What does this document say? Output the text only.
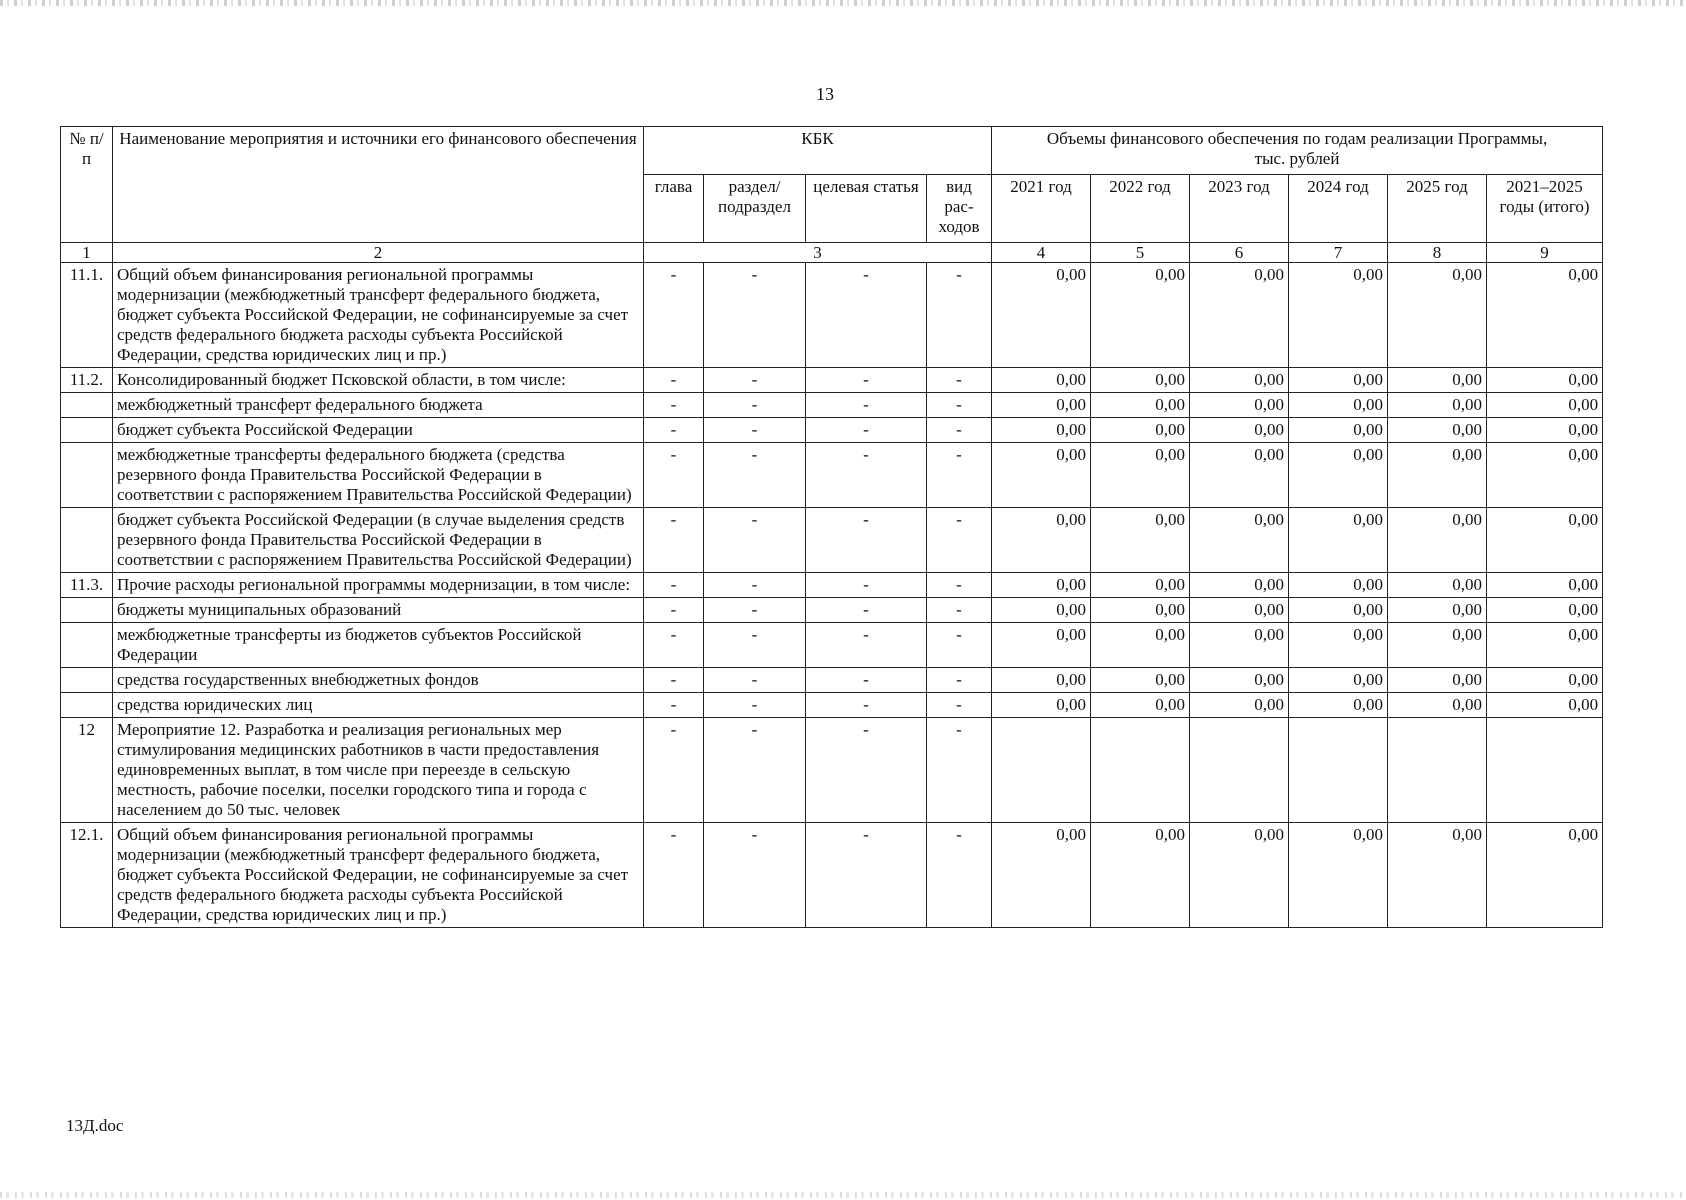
13
№ п/п	Наименование мероприятия и источники его финансового обеспечения	КБК				Объемы финансового обеспечения по годам реализации Программы, тыс. рублей					
		глава	раздел/ подраздел	целевая статья	вид рас-ходов	2021 год	2022 год	2023 год	2024 год	2025 год	2021–2025 годы (итого)
1	2	3				4	5	6	7	8	9
11.1.	Общий объем финансирования региональной программы модернизации (межбюджетный трансферт федерального бюджета, бюджет субъекта Российской Федерации, не софинансируемые за счет средств федерального бюджета расходы субъекта Российской Федерации, средства юридических лиц и пр.)	-	-	-	-	0,00	0,00	0,00	0,00	0,00	0,00
11.2.	Консолидированный бюджет Псковской области, в том числе:	-	-	-	-	0,00	0,00	0,00	0,00	0,00	0,00
	межбюджетный трансферт федерального бюджета	-	-	-	-	0,00	0,00	0,00	0,00	0,00	0,00
	бюджет субъекта Российской Федерации	-	-	-	-	0,00	0,00	0,00	0,00	0,00	0,00
	межбюджетные трансферты федерального бюджета (средства резервного фонда Правительства Российской Федерации в соответствии с распоряжением Правительства Российской Федерации)	-	-	-	-	0,00	0,00	0,00	0,00	0,00	0,00
	бюджет субъекта Российской Федерации (в случае выделения средств резервного фонда Правительства Российской Федерации в соответствии с распоряжением Правительства Российской Федерации)	-	-	-	-	0,00	0,00	0,00	0,00	0,00	0,00
11.3.	Прочие расходы региональной программы модернизации, в том числе:	-	-	-	-	0,00	0,00	0,00	0,00	0,00	0,00
	бюджеты муниципальных образований	-	-	-	-	0,00	0,00	0,00	0,00	0,00	0,00
	межбюджетные трансферты из бюджетов субъектов Российской Федерации	-	-	-	-	0,00	0,00	0,00	0,00	0,00	0,00
	средства государственных внебюджетных фондов	-	-	-	-	0,00	0,00	0,00	0,00	0,00	0,00
	средства юридических лиц	-	-	-	-	0,00	0,00	0,00	0,00	0,00	0,00
12	Мероприятие 12. Разработка и реализация региональных мер стимулирования медицинских работников в части предоставления единовременных выплат, в том числе при переезде в сельскую местность, рабочие поселки, поселки городского типа и города с населением до 50 тыс. человек	-	-	-	-						
12.1.	Общий объем финансирования региональной программы модернизации (межбюджетный трансферт федерального бюджета, бюджет субъекта Российской Федерации, не софинансируемые за счет средств федерального бюджета расходы субъекта Российской Федерации, средства юридических лиц и пр.)	-	-	-	-	0,00	0,00	0,00	0,00	0,00	0,00
13Д.doc
